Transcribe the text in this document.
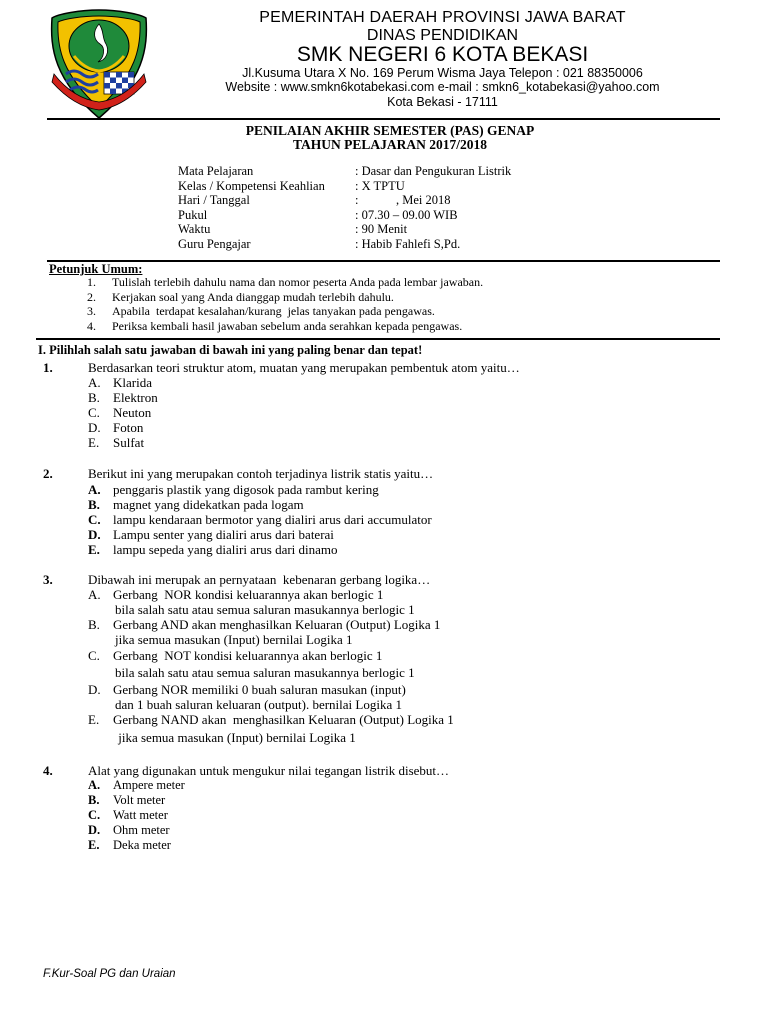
PEMERINTAH DAERAH PROVINSI JAWA BARAT
DINAS PENDIDIKAN
SMK NEGERI 6 KOTA BEKASI
Jl.Kusuma Utara X No. 169 Perum Wisma Jaya Telepon : 021 88350006
Website : www.smkn6kotabekasi.com e-mail : smkn6_kotabekasi@yahoo.com
Kota Bekasi - 17111
PENILAIAN AKHIR SEMESTER (PAS) GENAP
TAHUN PELAJARAN 2017/2018
Mata Pelajaran	: Dasar dan Pengukuran Listrik
Kelas / Kompetensi Keahlian	: X TPTU
Hari / Tanggal	:            , Mei 2018
Pukul	: 07.30 – 09.00 WIB
Waktu	: 90 Menit
Guru Pengajar	: Habib Fahlefi S,Pd.
Petunjuk Umum:
1.	Tulislah terlebih dahulu nama dan nomor peserta Anda pada lembar jawaban.
2.	Kerjakan soal yang Anda dianggap mudah terlebih dahulu.
3.	Apabila  terdapat kesalahan/kurang  jelas tanyakan pada pengawas.
4.	Periksa kembali hasil jawaban sebelum anda serahkan kepada pengawas.
I. Pilihlah salah satu jawaban di bawah ini yang paling benar dan tepat!
1.	Berdasarkan teori struktur atom, muatan yang merupakan pembentuk atom yaitu…
A. Klarida
B. Elektron
C. Neuton
D. Foton
E. Sulfat
2.	Berikut ini yang merupakan contoh terjadinya listrik statis yaitu…
A. penggaris plastik yang digosok pada rambut kering
B. magnet yang didekatkan pada logam
C. lampu kendaraan bermotor yang dialiri arus dari accumulator
D. Lampu senter yang dialiri arus dari baterai
E. lampu sepeda yang dialiri arus dari dinamo
3.	Dibawah ini merupak an pernyataan  kebenaran gerbang logika…
A. Gerbang  NOR kondisi keluarannya akan berlogic 1
bila salah satu atau semua saluran masukannya berlogic 1
B. Gerbang AND akan menghasilkan Keluaran (Output) Logika 1
jika semua masukan (Input) bernilai Logika 1
C. Gerbang  NOT kondisi keluarannya akan berlogic 1
bila salah satu atau semua saluran masukannya berlogic 1
D. Gerbang NOR memiliki 0 buah saluran masukan (input)
dan 1 buah saluran keluaran (output). bernilai Logika 1
E. Gerbang NAND akan  menghasilkan Keluaran (Output) Logika 1
jika semua masukan (Input) bernilai Logika 1
4.	Alat yang digunakan untuk mengukur nilai tegangan listrik disebut…
A. Ampere meter
B. Volt meter
C. Watt meter
D. Ohm meter
E. Deka meter
F.Kur-Soal PG dan Uraian
